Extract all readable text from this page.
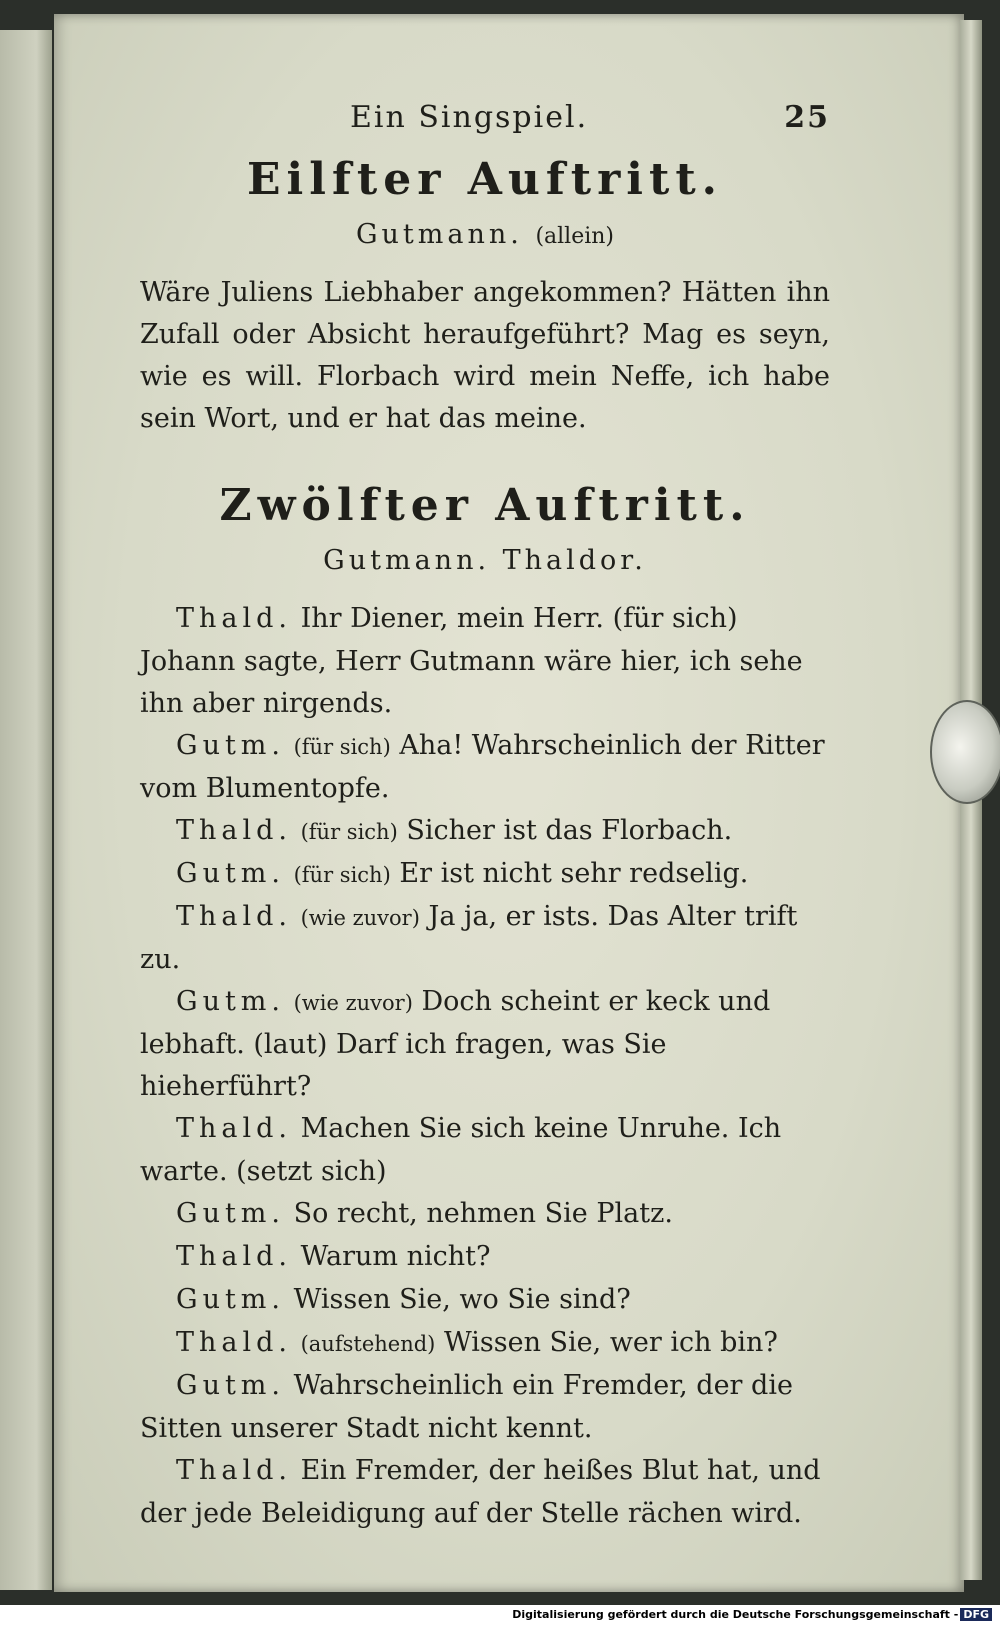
Ein Singspiel.	25
Eilfter Auftritt.
Gutmann. (allein)

Wäre Juliens Liebhaber angekommen? Hätten ihn Zufall oder Absicht heraufgeführt? Mag es seyn, wie es will. Florbach wird mein Neffe, ich habe sein Wort, und er hat das meine.

Zwölfter Auftritt.
Gutmann. Thaldor.

Thald. Ihr Diener, mein Herr. (für sich) Johann sagte, Herr Gutmann wäre hier, ich sehe ihn aber nirgends.

Gutm. (für sich) Aha! Wahrscheinlich der Ritter vom Blumentopfe.

Thald. (für sich) Sicher ist das Florbach.

Gutm. (für sich) Er ist nicht sehr redselig.

Thald. (wie zuvor) Ja ja, er ists. Das Alter trift zu.

Gutm. (wie zuvor) Doch scheint er keck und lebhaft. (laut) Darf ich fragen, was Sie hieherführt?

Thald. Machen Sie sich keine Unruhe. Ich warte. (setzt sich)

Gutm. So recht, nehmen Sie Platz.

Thald. Warum nicht?

Gutm. Wissen Sie, wo Sie sind?

Thald. (aufstehend) Wissen Sie, wer ich bin?

Gutm. Wahrscheinlich ein Fremder, der die Sitten unserer Stadt nicht kennt.

Thald. Ein Fremder, der heißes Blut hat, und der jede Beleidigung auf der Stelle rächen wird.

Digitalisierung gefördert durch die Deutsche Forschungsgemeinschaft - DFG
